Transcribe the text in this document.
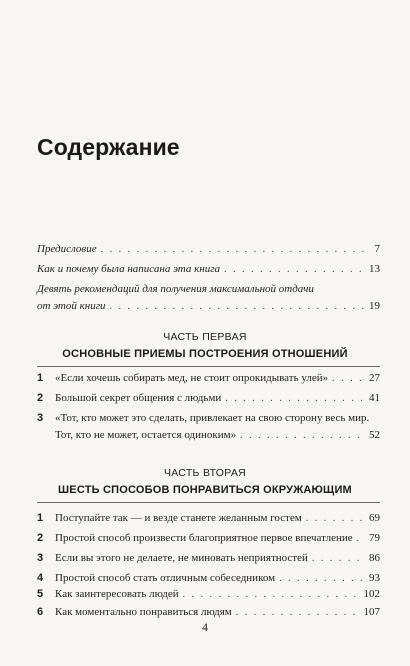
Содержание
Предисловие . . .	7
Как и почему была написана эта книга . . .	13
Девять рекомендаций для получения максимальной отдачи
от этой книги . . .	19
ЧАСТЬ ПЕРВАЯ
ОСНОВНЫЕ ПРИЕМЫ ПОСТРОЕНИЯ ОТНОШЕНИЙ
1	«Если хочешь собирать мед, не стоит опрокидывать улей» . . .	27
2	Большой секрет общения с людьми . . .	41
3	«Тот, кто может это сделать, привлекает на свою сторону весь мир.
Тот, кто не может, остается одиноким» . . .	52
ЧАСТЬ ВТОРАЯ
ШЕСТЬ СПОСОБОВ ПОНРАВИТЬСЯ ОКРУЖАЮЩИМ
1	Поступайте так — и везде станете желанным гостем . . .	69
2	Простой способ произвести благоприятное первое впечатление . . . 79
3	Если вы этого не делаете, не миновать неприятностей . . .	86
4	Простой способ стать отличным собеседником . . .	93
5	Как заинтересовать людей . . .	102
6	Как моментально понравиться людям . . .	107
4
